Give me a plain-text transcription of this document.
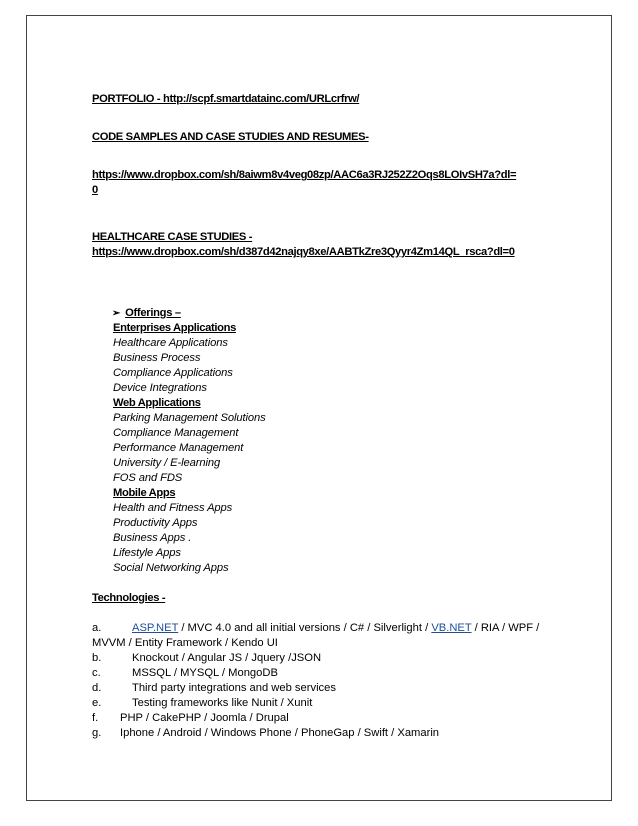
PORTFOLIO - http://scpf.smartdatainc.com/URLcrfrw/

CODE SAMPLES AND CASE STUDIES AND RESUMES-

https://www.dropbox.com/sh/8aiwm8v4veg08zp/AAC6a3RJ252Z2Oqs8LOIvSH7a?dl=

0

HEALTHCARE CASE STUDIES -

https://www.dropbox.com/sh/d387d42najqy8xe/AABTkZre3Qyyr4Zm14QL_rsca?dl=0

➢ Offerings –
Enterprises Applications
Healthcare Applications
Business Process
Compliance Applications
Device Integrations
Web Applications
Parking Management Solutions
Compliance Management
Performance Management
University / E-learning
FOS and FDS
Mobile Apps
Health and Fitness Apps
Productivity Apps
Business Apps .
Lifestyle Apps
Social Networking Apps

Technologies -

a.	ASP.NET / MVC 4.0 and all initial versions / C# / Silverlight / VB.NET / RIA / WPF /
MVVM / Entity Framework / Kendo UI
b.	Knockout / Angular JS / Jquery /JSON
c.	MSSQL / MYSQL / MongoDB
d.	Third party integrations and web services
e.	Testing frameworks like Nunit / Xunit
f.	PHP / CakePHP / Joomla / Drupal
g.	Iphone / Android / Windows Phone / PhoneGap / Swift / Xamarin
